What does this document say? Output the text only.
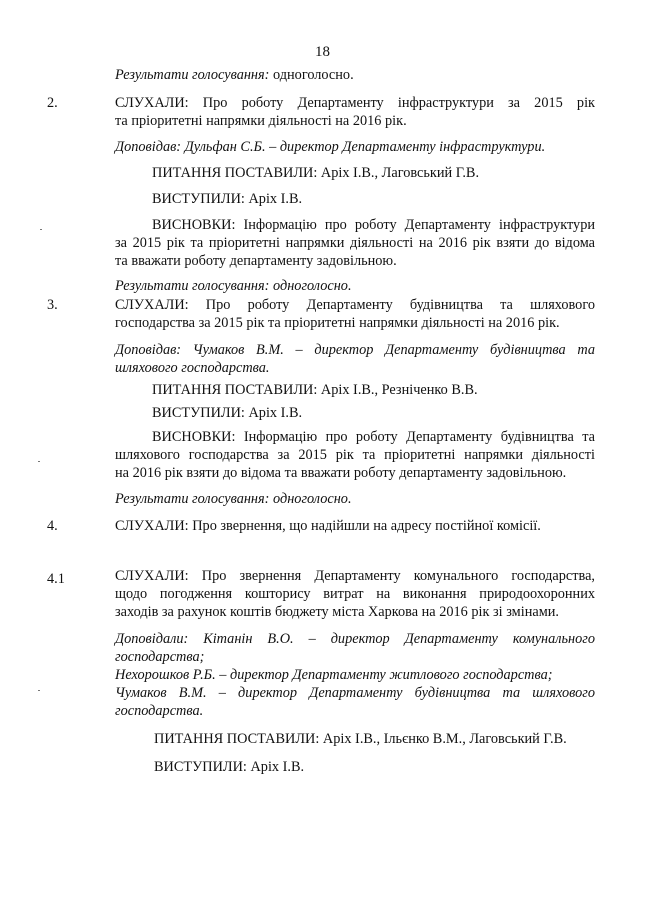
18
Результати голосування: одноголосно.
2.	СЛУХАЛИ: Про роботу Департаменту інфраструктури за 2015 рік
та пріоритетні напрямки діяльності на 2016 рік.
Доповідав: Дульфан С.Б. – директор Департаменту інфраструктури.
ПИТАННЯ ПОСТАВИЛИ: Аріх І.В., Лаговський Г.В.
ВИСТУПИЛИ: Аріх І.В.
ВИСНОВКИ: Інформацію про роботу Департаменту інфраструктури
за 2015 рік та пріоритетні напрямки діяльності на 2016 рік взяти до відома
та вважати роботу департаменту задовільною.
Результати голосування: одноголосно.
3.	СЛУХАЛИ: Про роботу Департаменту будівництва та шляхового
господарства за 2015 рік та пріоритетні напрямки діяльності на 2016 рік.
Доповідав: Чумаков В.М. – директор Департаменту будівництва та
шляхового господарства.
ПИТАННЯ ПОСТАВИЛИ: Аріх І.В., Резніченко В.В.
ВИСТУПИЛИ: Аріх І.В.
ВИСНОВКИ: Інформацію про роботу Департаменту будівництва та
шляхового господарства за 2015 рік та пріоритетні напрямки діяльності
на 2016 рік взяти до відома та вважати роботу департаменту задовільною.
Результати голосування: одноголосно.
4.	СЛУХАЛИ: Про звернення, що надійшли на адресу постійної комісії.
4.1	СЛУХАЛИ: Про звернення Департаменту комунального господарства,
щодо погодження кошторису витрат на виконання природоохоронних
заходів за рахунок коштів бюджету міста Харкова на 2016 рік зі змінами.
Доповідали: Кітанін В.О. – директор Департаменту комунального
господарства;
Нехорошков Р.Б. – директор Департаменту житлового господарства;
Чумаков В.М. – директор Департаменту будівництва та шляхового
господарства.
ПИТАННЯ ПОСТАВИЛИ: Аріх І.В., Ільєнко В.М., Лаговський Г.В.
ВИСТУПИЛИ: Аріх І.В.
